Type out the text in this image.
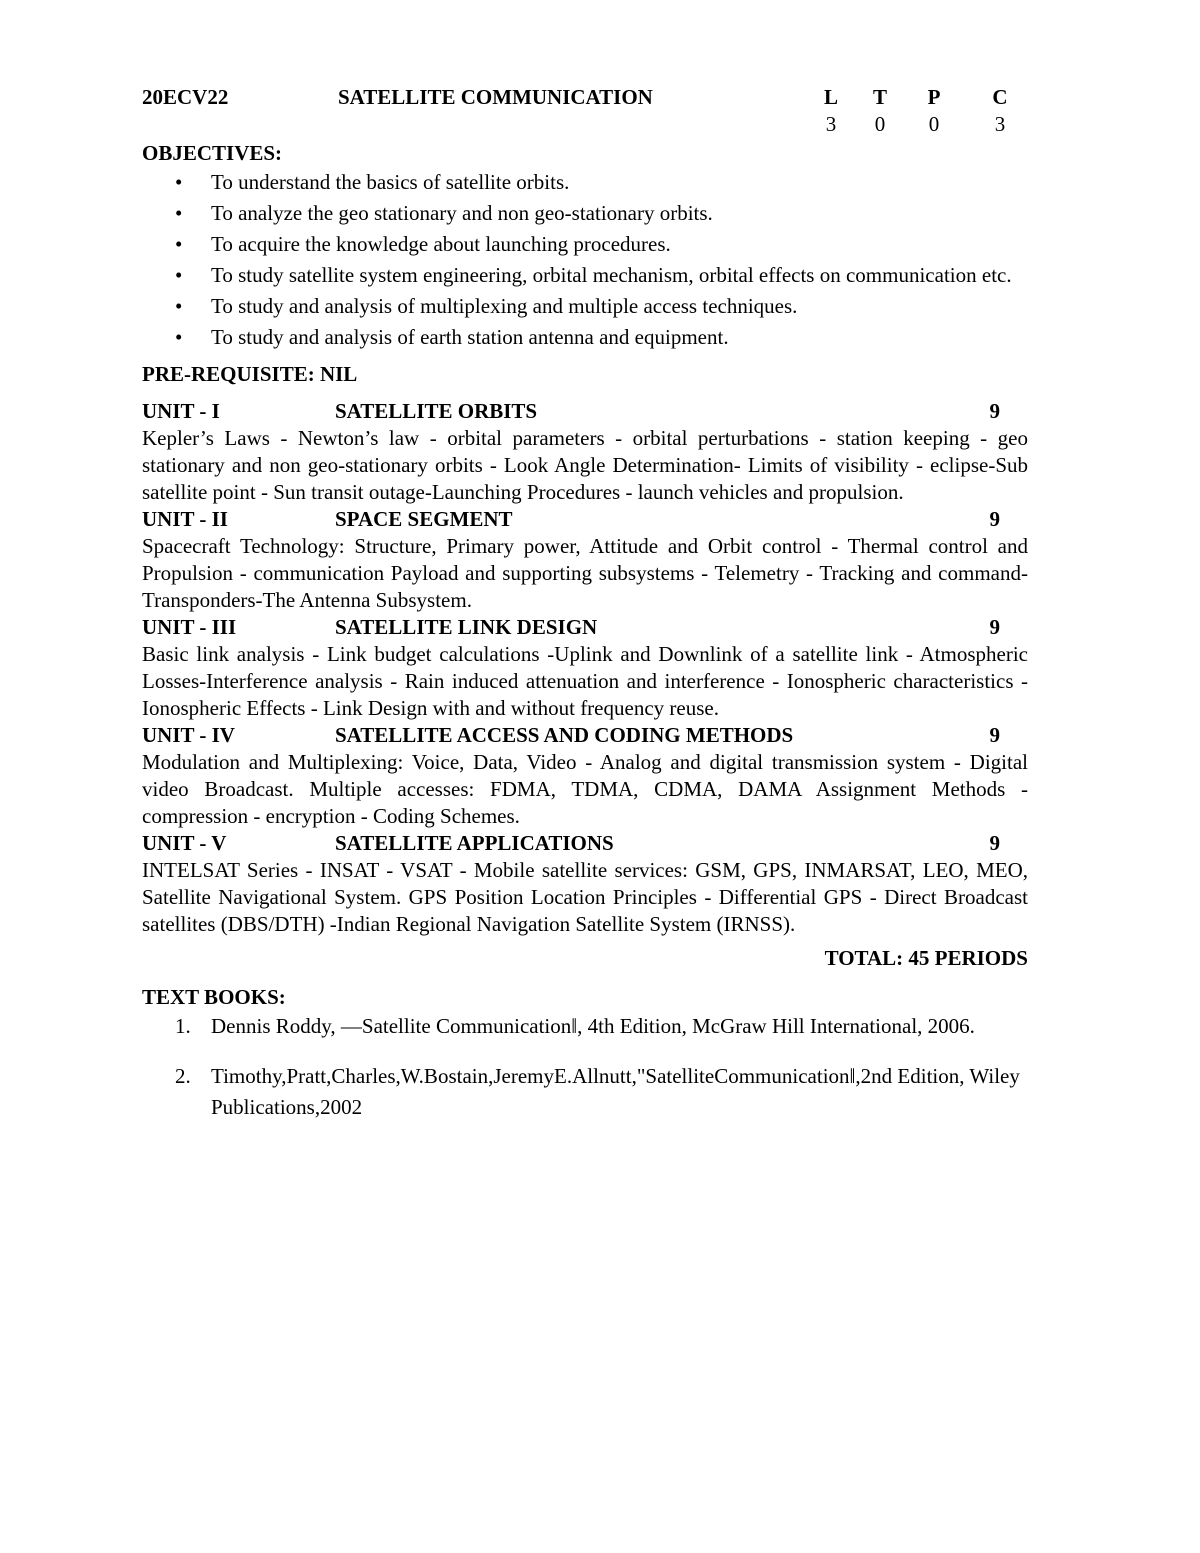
20ECV22	SATELLITE COMMUNICATION	L T P C
3 0 0	3
OBJECTIVES:
• To understand the basics of satellite orbits.
• To analyze the geo stationary and non geo-stationary orbits.
• To acquire the knowledge about launching procedures.
• To study satellite system engineering, orbital mechanism, orbital effects on communication etc.
• To study and analysis of multiplexing and multiple access techniques.
• To study and analysis of earth station antenna and equipment.
PRE-REQUISITE: NIL
UNIT - I	SATELLITE ORBITS	9
Kepler’s Laws - Newton’s law - orbital parameters - orbital perturbations - station keeping - geo stationary and non geo-stationary orbits - Look Angle Determination- Limits of visibility - eclipse-Sub satellite point - Sun transit outage-Launching Procedures - launch vehicles and propulsion.
UNIT - II	SPACE SEGMENT	9
Spacecraft Technology: Structure, Primary power, Attitude and Orbit control - Thermal control and Propulsion - communication Payload and supporting subsystems - Telemetry - Tracking and command-Transponders-The Antenna Subsystem.
UNIT - III	SATELLITE LINK DESIGN	9
Basic link analysis - Link budget calculations -Uplink and Downlink of a satellite link - Atmospheric Losses-Interference analysis - Rain induced attenuation and interference - Ionospheric characteristics -Ionospheric Effects - Link Design with and without frequency reuse.
UNIT - IV	SATELLITE ACCESS AND CODING METHODS	9
Modulation and Multiplexing: Voice, Data, Video - Analog and digital transmission system - Digital video Broadcast. Multiple accesses: FDMA, TDMA, CDMA, DAMA Assignment Methods - compression - encryption - Coding Schemes.
UNIT - V	SATELLITE APPLICATIONS	9
INTELSAT Series - INSAT - VSAT - Mobile satellite services: GSM, GPS, INMARSAT, LEO, MEO, Satellite Navigational System. GPS Position Location Principles - Differential GPS - Direct Broadcast satellites (DBS/DTH) -Indian Regional Navigation Satellite System (IRNSS).
TOTAL: 45 PERIODS
TEXT BOOKS:
1. Dennis Roddy, ―Satellite Communication‖, 4th Edition, McGraw Hill International, 2006.
2. Timothy,Pratt,Charles,W.Bostain,JeremyE.Allnutt,"SatelliteCommunication‖,2nd Edition, Wiley Publications,2002
